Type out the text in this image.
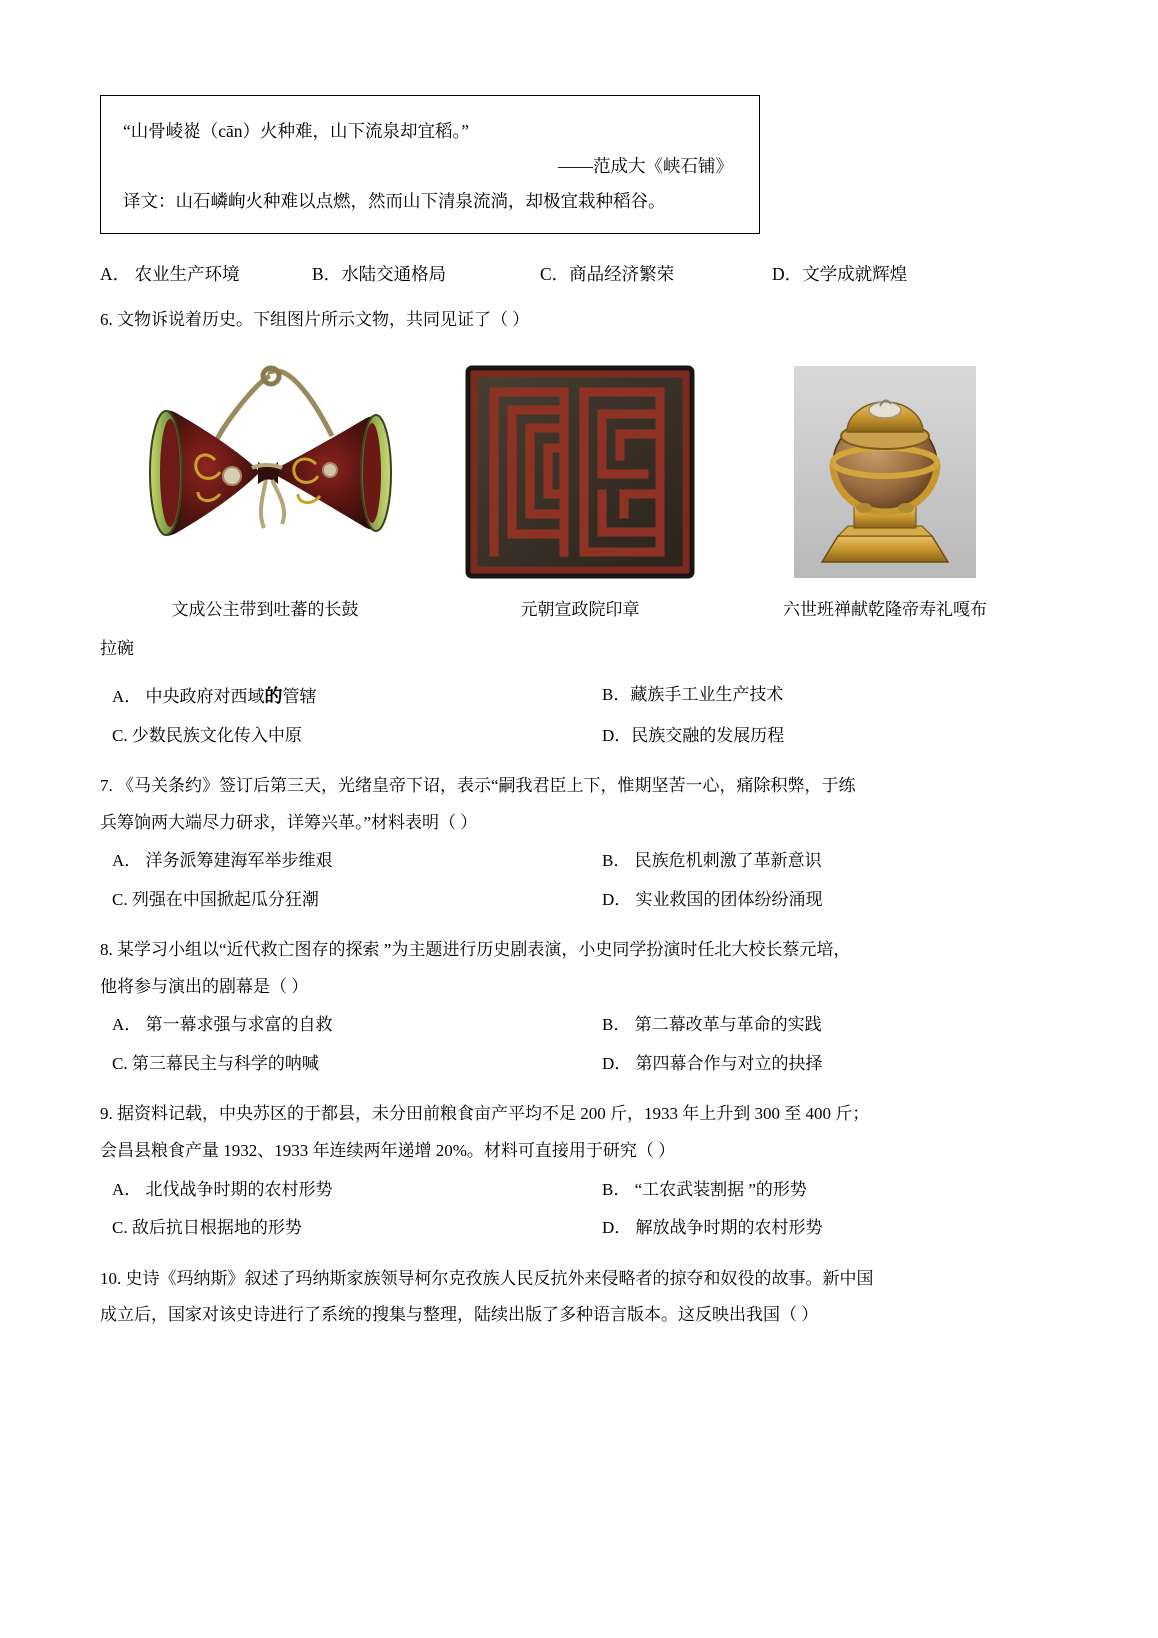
“山骨崚嵸（cān）火种难，山下流泉却宜稻。”
——范成大《峡石铺》
译文：山石嶙峋火种难以点燃，然而山下清泉流淌，却极宜栽种稻谷。
A． 农业生产环境	B．水陆交通格局	C．商品经济繁荣	D．文学成就辉煌
6. 文物诉说着历史。下组图片所示文物，共同见证了（ ）
文成公主带到吐蕃的长鼓	元朝宣政院印章	六世班禅献乾隆帝寿礼嘎布
拉碗
A． 中央政府对西域的管辖	B．藏族手工业生产技术
C. 少数民族文化传入中原	D．民族交融的发展历程
7. 《马关条约》签订后第三天，光绪皇帝下诏，表示“嗣我君臣上下，惟期坚苦一心，痛除积弊，于练
兵筹饷两大端尽力研求，详筹兴革。”材料表明（ ）
A． 洋务派筹建海军举步维艰	B． 民族危机刺激了革新意识
C. 列强在中国掀起瓜分狂潮	D． 实业救国的团体纷纷涌现
8. 某学习小组以“近代救亡图存的探索 ”为主题进行历史剧表演，小史同学扮演时任北大校长蔡元培，
他将参与演出的剧幕是（ ）
A． 第一幕求强与求富的自救	B． 第二幕改革与革命的实践
C. 第三幕民主与科学的呐喊	D． 第四幕合作与对立的抉择
9. 据资料记载，中央苏区的于都县，未分田前粮食亩产平均不足 200 斤，1933 年上升到 300 至 400 斤；
会昌县粮食产量 1932、1933 年连续两年递增 20%。材料可直接用于研究（ ）
A． 北伐战争时期的农村形势	B． “工农武装割据 ”的形势
C. 敌后抗日根据地的形势	D． 解放战争时期的农村形势
10. 史诗《玛纳斯》叙述了玛纳斯家族领导柯尔克孜族人民反抗外来侵略者的掠夺和奴役的故事。新中国
成立后，国家对该史诗进行了系统的搜集与整理，陆续出版了多种语言版本。这反映出我国（ ）
